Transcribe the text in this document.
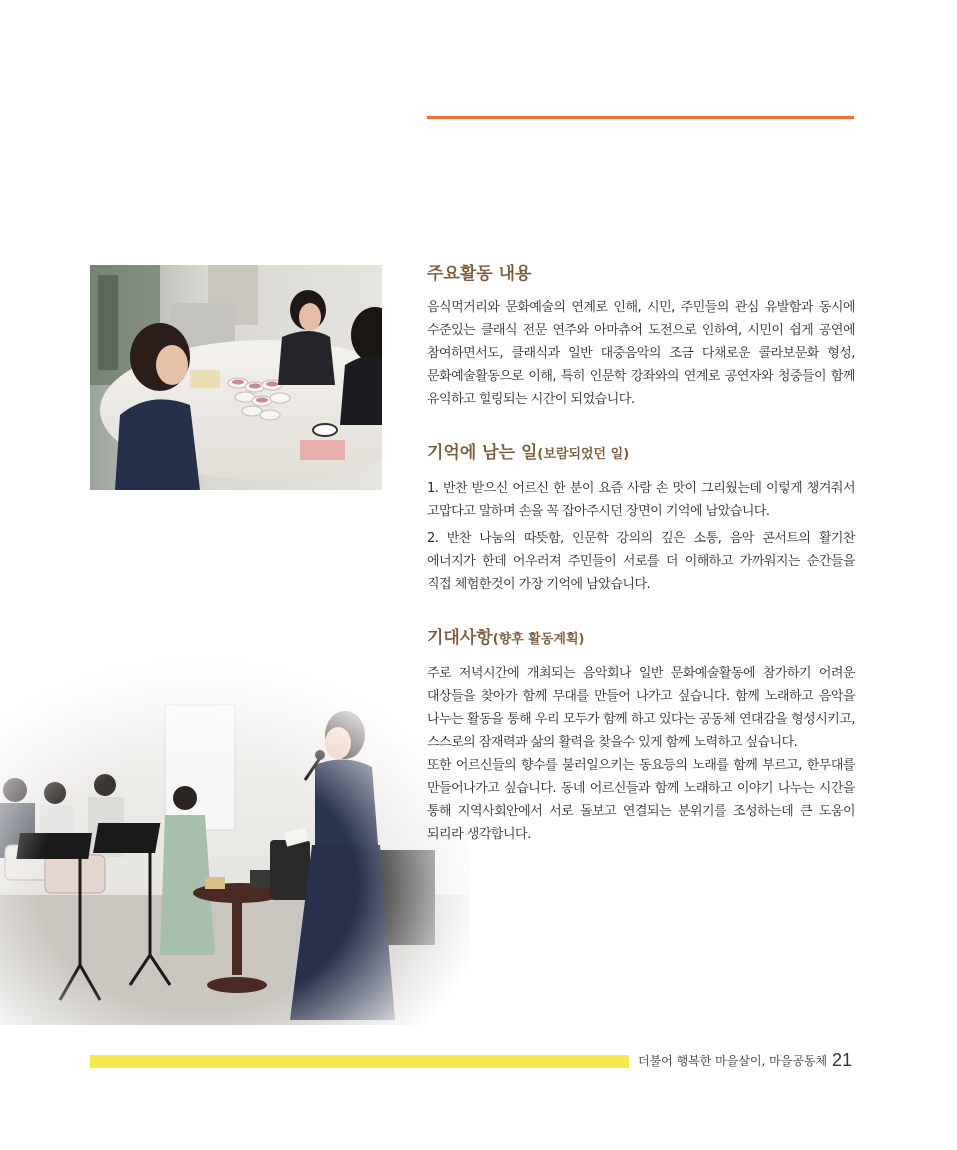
주요활동 내용

음식먹거리와 문화예술의 연계로 인해, 시민, 주민들의 관심 유발함과 동시에 수준있는 클래식 전문 연주와 아마츄어 도전으로 인하여, 시민이 쉽게 공연에 참여하면서도, 클래식과 일반 대중음악의 조금 다채로운 콜라보문화 형성, 문화예술활동으로 이해, 특히 인문학 강좌와의 연계로 공연자와 청중들이 함께 유익하고 힐링되는 시간이 되었습니다.

기억에 남는 일(보람되었던 일)

1. 반찬 받으신 어르신 한 분이 요즘 사람 손 맛이 그리웠는데 이렇게 챙겨줘서 고맙다고 말하며 손을 꼭 잡아주시던 장면이 기억에 남았습니다.

2. 반찬 나눔의 따뜻함, 인문학 강의의 깊은 소통, 음악 콘서트의 활기찬 에너지가 한데 어우러져 주민들이 서로를 더 이해하고 가까워지는 순간들을 직접 체험한것이 가장 기억에 남았습니다.

기대사항(향후 활동계획)

주로 저녁시간에 개최되는 음악회나 일반 문화예술활동에 참가하기 어려운 대상들을 찾아가 함께 무대를 만들어 나가고 싶습니다. 함께 노래하고 음악을 나누는 활동을 통해 우리 모두가 함께 하고 있다는 공동체 연대감을 형성시키고, 스스로의 잠재력과 삶의 활력을 찾을수 있게 함께 노력하고 싶습니다.

또한 어르신들의 향수를 불러일으키는 동요등의 노래를 함께 부르고, 한무대를 만들어나가고 싶습니다. 동네 어르신들과 함께 노래하고 이야기 나누는 시간을 통해 지역사회안에서 서로 돌보고 연결되는 분위기를 조성하는데 큰 도움이 되리라 생각합니다.

더불어 행복한 마을살이, 마을공동체 21
